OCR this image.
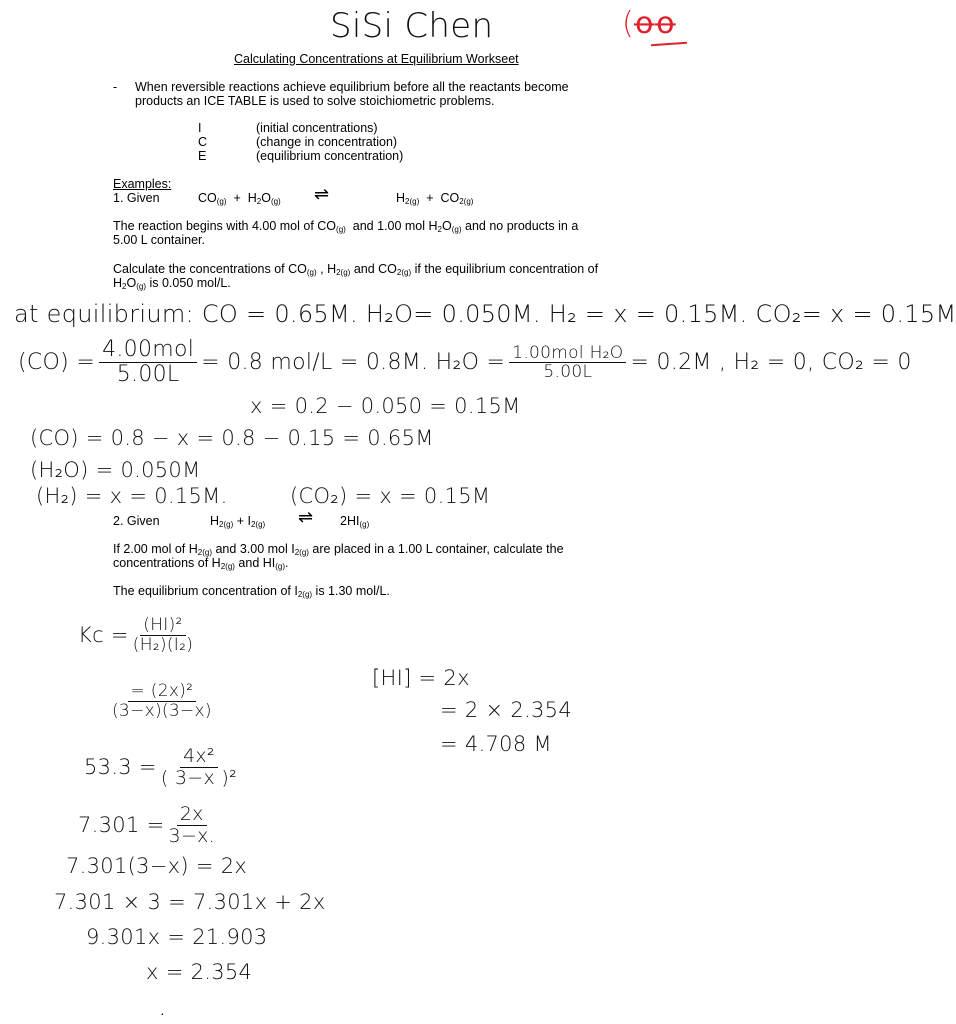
SiSi Chen	(ꝋꝋ
Calculating Concentrations at Equilibrium Workseet
- When reversible reactions achieve equilibrium before all the reactants become
products an ICE TABLE is used to solve stoichiometric problems.
I	(initial concentrations)
C	(change in concentration)
E	(equilibrium concentration)
Examples:
1. Given	$CO_{(g)} + H_2O_{(g)}$ ⇌	$H_{2(g)} + CO_{2(g)}$
The reaction begins with 4.00 mol of $CO_{(g)}$ and 1.00 mol $H_2O_{(g)}$ and no products in a
5.00 L container.
Calculate the concentrations of $CO_{(g)}$ , $H_{2(g)}$ and $CO_{2(g)}$ if the equilibrium concentration of
$H_2O_{(g)}$ is 0.050 mol/L.
at equilibrium: CO = 0.65M. H₂O= 0.050M. H₂ = x = 0.15M. CO₂= x = 0.15M
$(CO) = \frac{\text{4.00mol}}{5.00L} = 0.8$ mol/L = 0.8M. $H_2O = \frac{\text{1.00mol H₂O}}{5.00L} = 0.2M$ , H₂ = 0, CO₂ = 0
x = 0.2 − 0.050 = 0.15M
(CO) = 0.8 − x = 0.8 − 0.15 = 0.65M
(H₂O) = 0.050M
(H₂) = x = 0.15M.	(CO₂) = x = 0.15M
2. Given	$H_{2(g)} + I_{2(g)}$ ⇌ $2HI_{(g)}$
If 2.00 mol of $H_{2(g)}$ and 3.00 mol $I_{2(g)}$ are placed in a 1.00 L container, calculate the
concentrations of $H_{2(g)}$ and $HI_{(g)}$.
The equilibrium concentration of $I_{2(g)}$ is 1.30 mol/L.
$Kc = \frac{\text{(HI)²}}{\text{(H₂)(I₂)}}$
$\frac{\text{= (2x)²}}{(3-x)(3-x)}$
$53.3 = \frac{\text{4x²}}{\text{( 3−x )²}}$
$7.301 = \frac{2x}{3-x.}$
7.301(3−x) = 2x
7.301 × 3 = 7.301x + 2x
9.301x = 21.903
x = 2.354
[HI] = 2x
= 2 × 2.354
= 4.708 M
·
